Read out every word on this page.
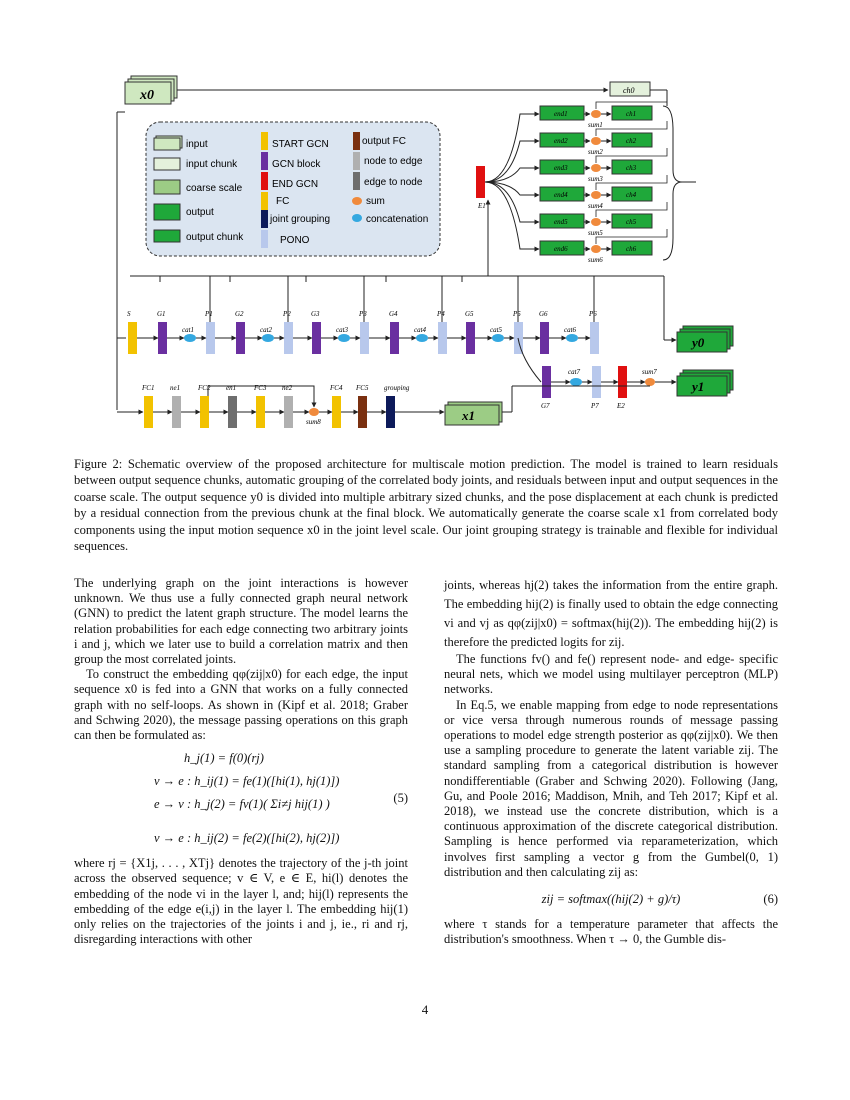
x0
input
input chunk
coarse scale
output
output chunk
START GCN
GCN block
END GCN
FC
joint grouping
PONO
output FC
node to edge
edge to node
sum
concatenation
ch0
E1
end1
sum1
ch1
end2
sum2
ch2
end3
sum3
ch3
end4
sum4
ch4
end5
sum5
ch5
end6
sum6
ch6
y0
y1
x1
S	G1
cat1
P1	G2
cat2
P2	G3
cat3
P3	G4
cat4
P4	G5
cat5
P5	G6
cat6
P6
FC1 ne1	FC2 en1	FC3 ne2
sum8
FC4 FC5 grouping
G7
cat7
P7	E2
sum7
Figure 2: Schematic overview of the proposed architecture for multiscale motion prediction. The model is trained to learn residuals between output sequence chunks, automatic grouping of the correlated body joints, and residuals between input and output sequences in the coarse scale. The output sequence y0 is divided into multiple arbitrary sized chunks, and the pose displacement at each chunk is predicted by a residual connection from the previous chunk at the final block. We automatically generate the coarse scale x1 from correlated body components using the input motion sequence x0 in the joint level scale. Our joint grouping strategy is trainable and flexible for individual sequences.

The underlying graph on the joint interactions is however unknown. We thus use a fully connected graph neural network (GNN) to predict the latent graph structure. The model learns the relation probabilities for each edge connecting two arbitrary joints i and j, which we later use to build a correlation matrix and then group the most correlated joints.

To construct the embedding qφ(zij|x0) for each edge, the input sequence x0 is fed into a GNN that works on a fully connected graph with no self-loops. As shown in (Kipf et al. 2018; Graber and Schwing 2020), the message passing operations on this graph can then be formulated as:

h_j(1) = f(0)(rj)
v → e : h_ij(1) = fe(1)([hi(1), hj(1)])
e → v : h_j(2) = fv(1)( Σi≠j hij(1) )
v → e : h_ij(2) = fe(2)([hi(2), hj(2)])
(5)

where rj = {X1j, . . . , XTj} denotes the trajectory of the j-th joint across the observed sequence; v ∈ V, e ∈ E, hi(l) denotes the embedding of the node vi in the layer l, and; hij(l) represents the embedding of the edge e(i,j) in the layer l. The embedding hij(1) only relies on the trajectories of the joints i and j, ie., ri and rj, disregarding interactions with other

joints, whereas hj(2) takes the information from the entire graph. The embedding hij(2) is finally used to obtain the edge connecting vi and vj as qφ(zij|x0) = softmax(hij(2)). The embedding hij(2) is therefore the predicted logits for zij.

The functions fv() and fe() represent node- and edge- specific neural nets, which we model using multilayer perceptron (MLP) networks.

In Eq.5, we enable mapping from edge to node representations or vice versa through numerous rounds of message passing operations to model edge strength posterior as qφ(zij|x0). We then use a sampling procedure to generate the latent variable zij. The standard sampling from a categorical distribution is however nondifferentiable (Graber and Schwing 2020). Following (Jang, Gu, and Poole 2016; Maddison, Mnih, and Teh 2017; Kipf et al. 2018), we instead use the concrete distribution, which is a continuous approximation of the discrete categorical distribution. Sampling is hence performed via reparameterization, which involves first sampling a vector g from the Gumbel(0, 1) distribution and then calculating zij as:

zij = softmax((hij(2) + g)/τ)	(6)

where τ stands for a temperature parameter that affects the distribution's smoothness. When τ → 0, the Gumble dis-

4
